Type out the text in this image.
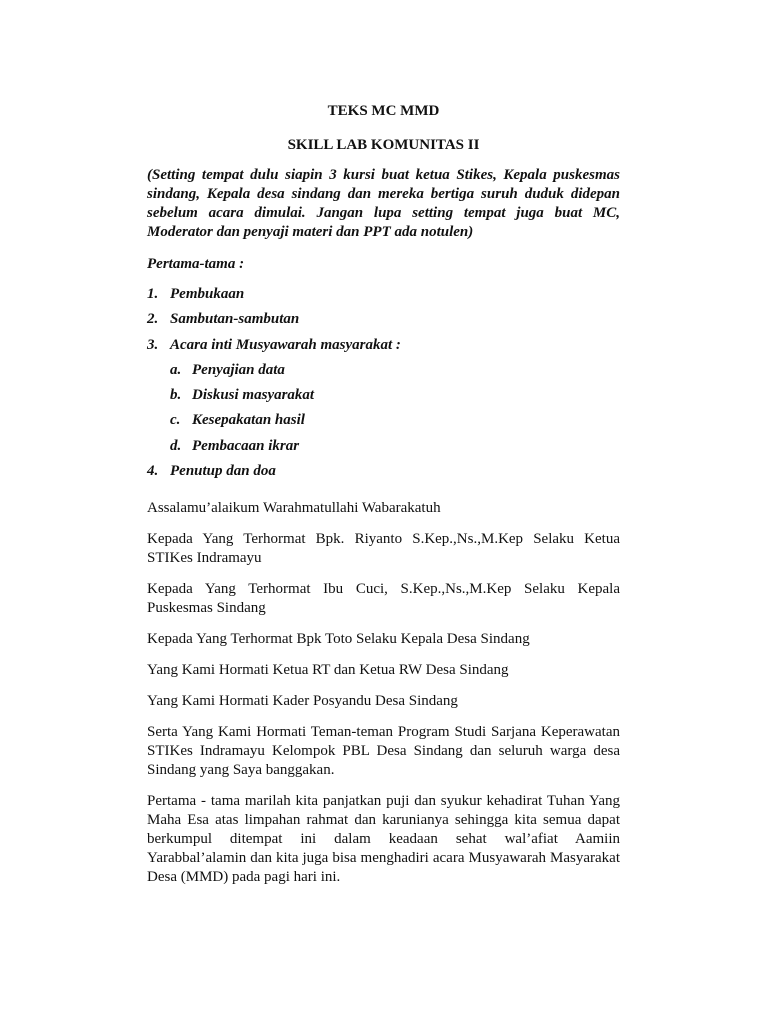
TEKS MC MMD
SKILL LAB KOMUNITAS II
(Setting tempat dulu siapin 3 kursi buat ketua Stikes, Kepala puskesmas sindang, Kepala desa sindang dan mereka bertiga suruh duduk didepan sebelum acara dimulai. Jangan lupa setting tempat juga buat MC, Moderator dan penyaji materi dan PPT ada notulen)
Pertama-tama :
1. Pembukaan
2. Sambutan-sambutan
3. Acara inti Musyawarah masyarakat :
a. Penyajian data
b. Diskusi masyarakat
c. Kesepakatan hasil
d. Pembacaan ikrar
4. Penutup dan doa

Assalamu’alaikum Warahmatullahi Wabarakatuh

Kepada Yang Terhormat Bpk. Riyanto S.Kep.,Ns.,M.Kep Selaku Ketua STIKes Indramayu

Kepada Yang Terhormat Ibu Cuci, S.Kep.,Ns.,M.Kep Selaku Kepala Puskesmas Sindang

Kepada Yang Terhormat Bpk Toto Selaku Kepala Desa Sindang

Yang Kami Hormati Ketua RT dan Ketua RW Desa Sindang

Yang Kami Hormati Kader Posyandu Desa Sindang

Serta Yang Kami Hormati Teman-teman Program Studi Sarjana Keperawatan STIKes Indramayu Kelompok PBL Desa Sindang dan seluruh warga desa Sindang yang Saya banggakan.

Pertama - tama marilah kita panjatkan puji dan syukur kehadirat Tuhan Yang Maha Esa atas limpahan rahmat dan karunianya sehingga kita semua dapat berkumpul ditempat ini dalam keadaan sehat wal’afiat Aamiin Yarabbal’alamin dan kita juga bisa menghadiri acara Musyawarah Masyarakat Desa (MMD) pada pagi hari ini.
